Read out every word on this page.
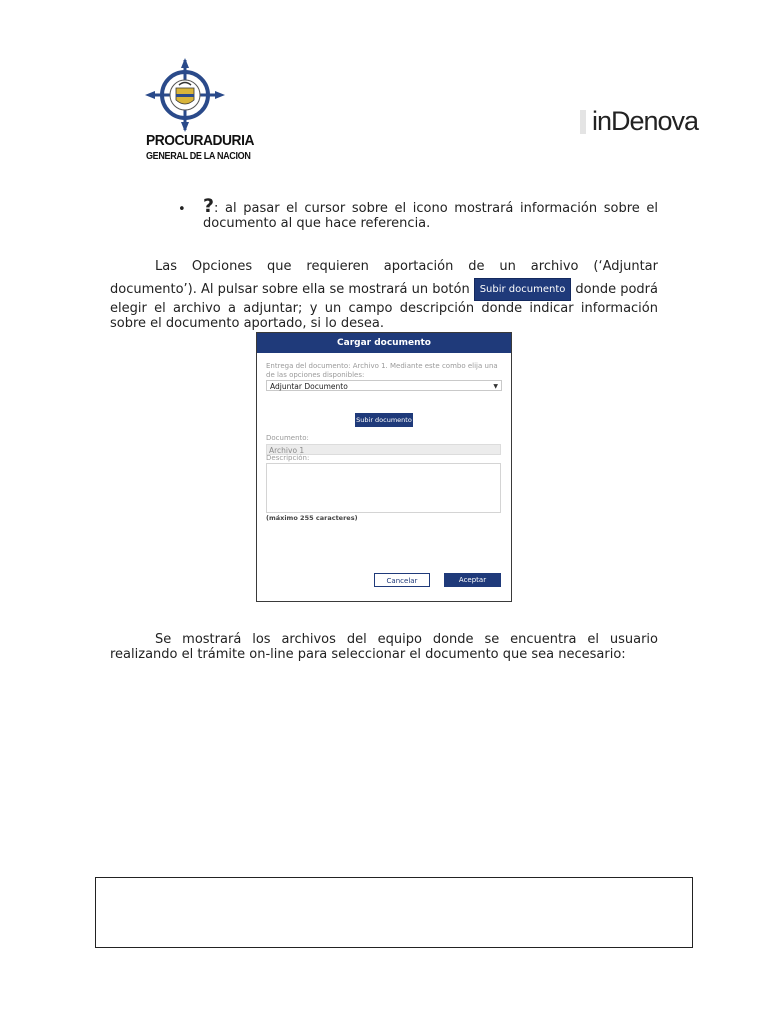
PROCURADURIA
GENERAL DE LA NACION
inDenova
• ?: al pasar el cursor sobre el icono mostrará información sobre el documento al que hace referencia.
Las Opciones que requieren aportación de un archivo (‘Adjuntar
documento’). Al pulsar sobre ella se mostrará un botón Subir documento donde podrá
elegir el archivo a adjuntar; y un campo descripción donde indicar información
sobre el documento aportado, si lo desea.
Cargar documento
Entrega del documento: Archivo 1. Mediante este combo elija una de las opciones disponibles:
Adjuntar Documento	▼
Subir documento
Documento:
Archivo 1
Descripción:
(máximo 255 caracteres)
Cancelar	Aceptar
Se mostrará los archivos del equipo donde se encuentra el usuario
realizando el trámite on-line para seleccionar el documento que sea necesario:
